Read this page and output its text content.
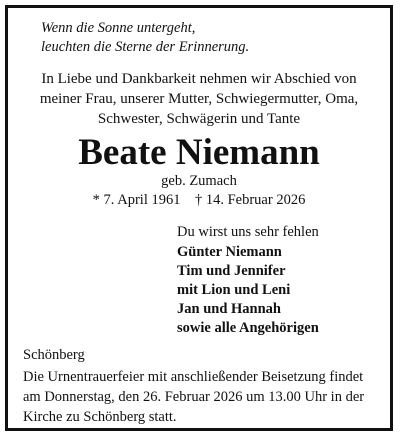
Wenn die Sonne untergeht,
leuchten die Sterne der Erinnerung.
In Liebe und Dankbarkeit nehmen wir Abschied von
meiner Frau, unserer Mutter, Schwiegermutter, Oma,
Schwester, Schwägerin und Tante
Beate Niemann
geb. Zumach
* 7. April 1961    † 14. Februar 2026
Du wirst uns sehr fehlen
Günter Niemann
Tim und Jennifer
mit Lion und Leni
Jan und Hannah
sowie alle Angehörigen
Schönberg
Die Urnentrauerfeier mit anschließender Beisetzung findet am Donnerstag, den 26. Februar 2026 um 13.00 Uhr in der Kirche zu Schönberg statt.
